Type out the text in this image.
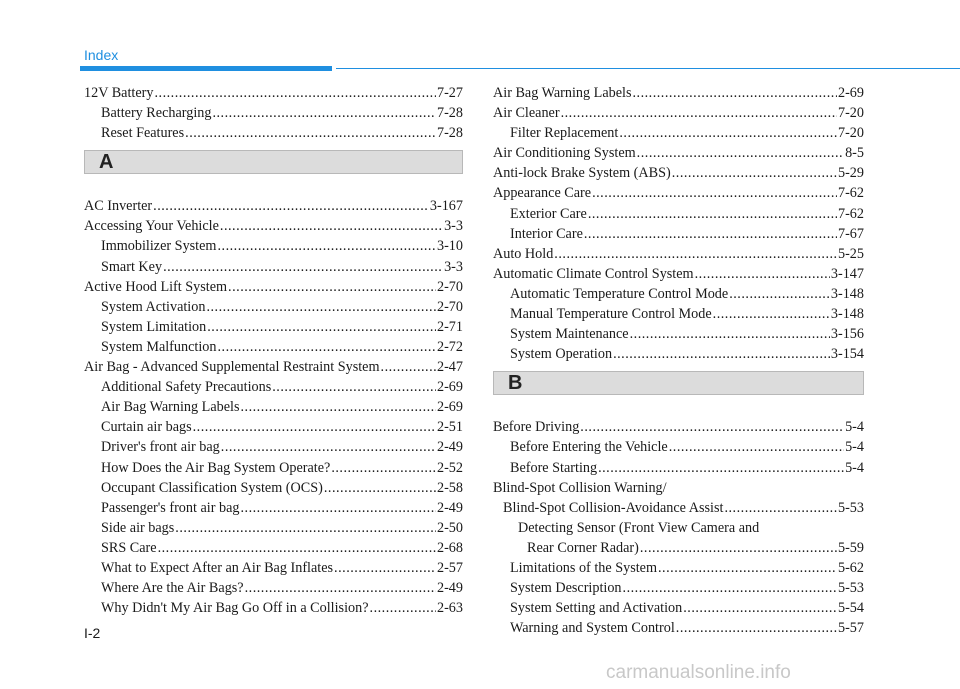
Index
12V Battery .....	7-27
Battery Recharging .....	7-28
Reset Features .....	7-28
A
AC Inverter .....	3-167
Accessing Your Vehicle .....	3-3
Immobilizer System .....	3-10
Smart Key .....	3-3
Active Hood Lift System .....	2-70
System Activation .....	2-70
System Limitation .....	2-71
System Malfunction .....	2-72
Air Bag - Advanced Supplemental Restraint System .....	2-47
Additional Safety Precautions .....	2-69
Air Bag Warning Labels .....	2-69
Curtain air bags .....	2-51
Driver's front air bag .....	2-49
How Does the Air Bag System Operate? .....	2-52
Occupant Classification System (OCS) .....	2-58
Passenger's front air bag .....	2-49
Side air bags .....	2-50
SRS Care .....	2-68
What to Expect After an Air Bag Inflates .....	2-57
Where Are the Air Bags? .....	2-49
Why Didn't My Air Bag Go Off in a Collision? .....	2-63
Air Bag Warning Labels .....	2-69
Air Cleaner .....	7-20
Filter Replacement .....	7-20
Air Conditioning System .....	8-5
Anti-lock Brake System (ABS) .....	5-29
Appearance Care .....	7-62
Exterior Care .....	7-62
Interior Care .....	7-67
Auto Hold .....	5-25
Automatic Climate Control System .....	3-147
Automatic Temperature Control Mode .....	3-148
Manual Temperature Control Mode .....	3-148
System Maintenance .....	3-156
System Operation .....	3-154
B
Before Driving .....	5-4
Before Entering the Vehicle .....	5-4
Before Starting .....	5-4
Blind-Spot Collision Warning/
Blind-Spot Collision-Avoidance Assist .....	5-53
Detecting Sensor (Front View Camera and
Rear Corner Radar) .....	5-59
Limitations of the System .....	5-62
System Description .....	5-53
System Setting and Activation .....	5-54
Warning and System Control .....	5-57
I-2
carmanualsonline.info
